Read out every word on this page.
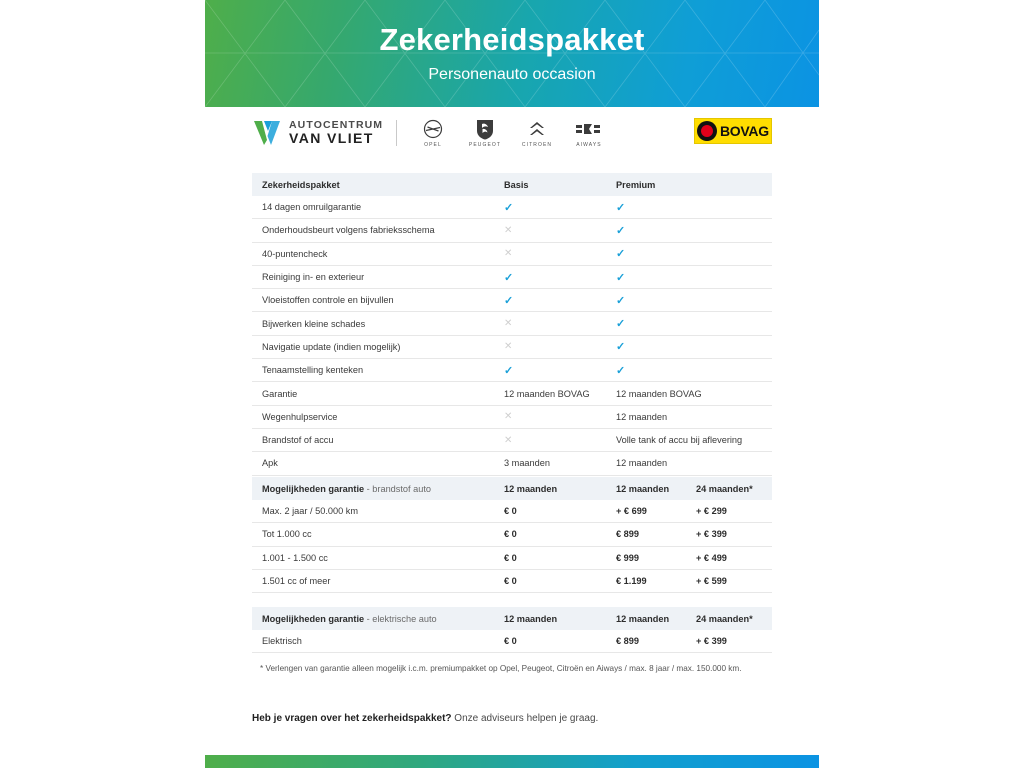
Zekerheidspakket
Personenauto occasion
AUTOCENTRUM
VAN VLIET	OPEL	PEUGEOT	CITROEN	AIWAYS
BOVAG
Zekerheidspakket	Basis	Premium
14 dagen omruilgarantie	✓	✓
Onderhoudsbeurt volgens fabrieksschema	✕	✓
40-puntencheck	✕	✓
Reiniging in- en exterieur	✓	✓
Vloeistoffen controle en bijvullen	✓	✓
Bijwerken kleine schades	✕	✓
Navigatie update (indien mogelijk)	✕	✓
Tenaamstelling kenteken	✓	✓
Garantie	12 maanden BOVAG	12 maanden BOVAG
Wegenhulpservice	✕	12 maanden
Brandstof of accu	✕	Volle tank of accu bij aflevering
Apk	3 maanden	12 maanden
Mogelijkheden garantie - brandstof auto	12 maanden	12 maanden	24 maanden*
Max. 2 jaar / 50.000 km	€ 0	+ € 699	+ € 299
Tot 1.000 cc	€ 0	€ 899	+ € 399
1.001 - 1.500 cc	€ 0	€ 999	+ € 499
1.501 cc of meer	€ 0	€ 1.199	+ € 599
Mogelijkheden garantie - elektrische auto	12 maanden	12 maanden	24 maanden*
Elektrisch	€ 0	€ 899	+ € 399
* Verlengen van garantie alleen mogelijk i.c.m. premiumpakket op Opel, Peugeot, Citroën en Aiways / max. 8 jaar / max. 150.000 km.
Heb je vragen over het zekerheidspakket? Onze adviseurs helpen je graag.
